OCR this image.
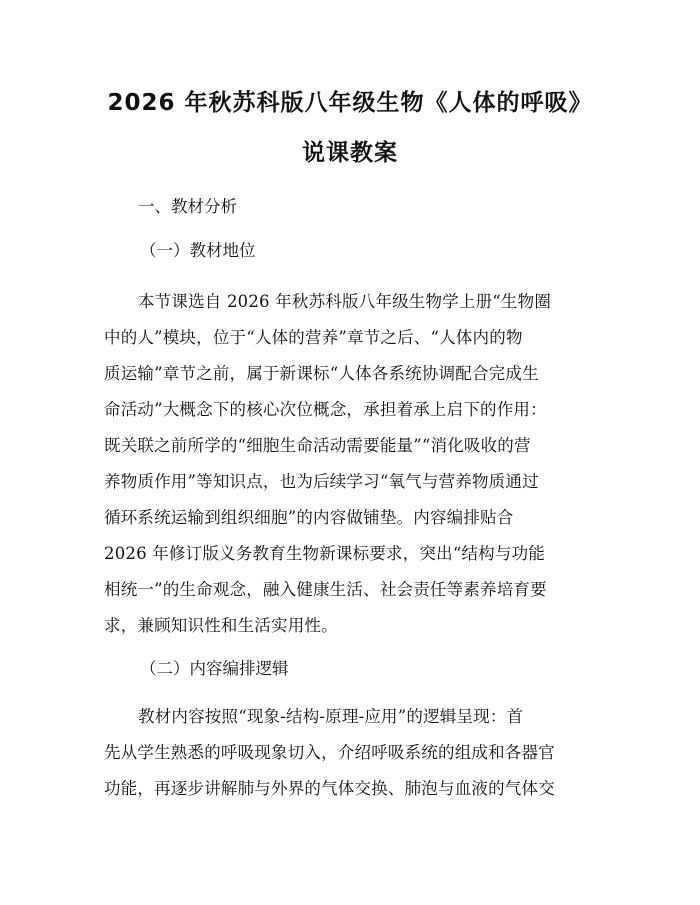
2026 年秋苏科版八年级生物《人体的呼吸》
说课教案
一、教材分析
（一）教材地位
本节课选自 2026 年秋苏科版八年级生物学上册“生物圈
中的人”模块，位于“人体的营养”章节之后、“人体内的物
质运输”章节之前，属于新课标“人体各系统协调配合完成生
命活动”大概念下的核心次位概念，承担着承上启下的作用：
既关联之前所学的“细胞生命活动需要能量”“消化吸收的营
养物质作用”等知识点，也为后续学习“氧气与营养物质通过
循环系统运输到组织细胞”的内容做铺垫。内容编排贴合
2026 年修订版义务教育生物新课标要求，突出“结构与功能
相统一”的生命观念，融入健康生活、社会责任等素养培育要
求，兼顾知识性和生活实用性。
（二）内容编排逻辑
教材内容按照“现象-结构-原理-应用”的逻辑呈现：首
先从学生熟悉的呼吸现象切入，介绍呼吸系统的组成和各器官
功能，再逐步讲解肺与外界的气体交换、肺泡与血液的气体交
